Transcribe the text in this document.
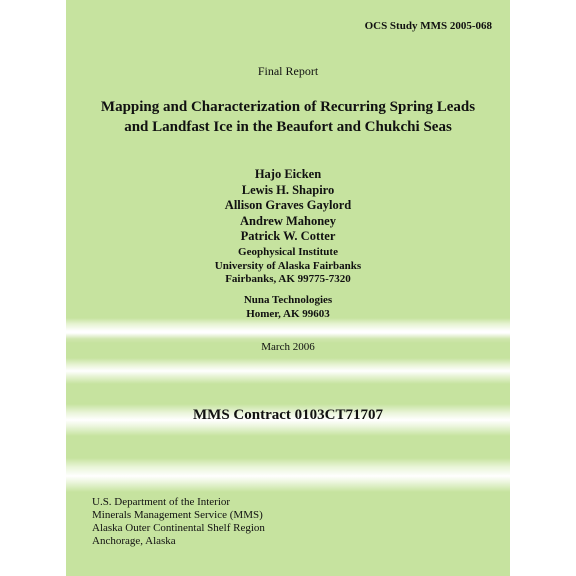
OCS Study MMS 2005-068
Final Report
Mapping and Characterization of Recurring Spring Leads
and Landfast Ice in the Beaufort and Chukchi Seas
Hajo Eicken
Lewis H. Shapiro
Allison Graves Gaylord
Andrew Mahoney
Patrick W. Cotter
Geophysical Institute
University of Alaska Fairbanks
Fairbanks, AK 99775-7320
Nuna Technologies
Homer, AK 99603
March 2006
MMS Contract 0103CT71707
U.S. Department of the Interior
Minerals Management Service (MMS)
Alaska Outer Continental Shelf Region
Anchorage, Alaska
